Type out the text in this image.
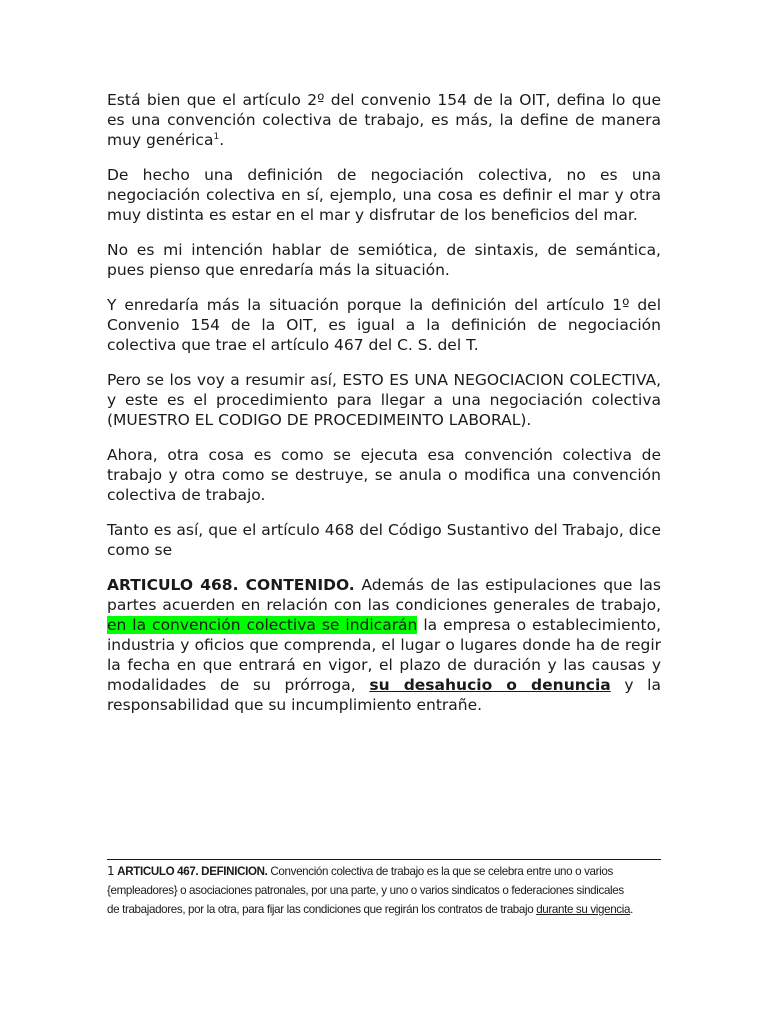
Está bien que el artículo 2º del convenio 154 de la OIT, defina lo que es una convención colectiva de trabajo, es más, la define de manera muy genérica$^1$.

De hecho una definición de negociación colectiva, no es una negociación colectiva en sí, ejemplo, una cosa es definir el mar y otra muy distinta es estar en el mar y disfrutar de los beneficios del mar.

No es mi intención hablar de semiótica, de sintaxis, de semántica, pues pienso que enredaría más la situación.

Y enredaría más la situación porque la definición del artículo 1º del Convenio 154 de la OIT, es igual a la definición de negociación colectiva que trae el artículo 467 del C. S. del T.

Pero se los voy a resumir así, ESTO ES UNA NEGOCIACION COLECTIVA, y este es el procedimiento para llegar a una negociación colectiva (MUESTRO EL CODIGO DE PROCEDIMEINTO LABORAL).

Ahora, otra cosa es como se ejecuta esa convención colectiva de trabajo y otra como se destruye, se anula o modifica una convención colectiva de trabajo.

Tanto es así, que el artículo 468 del Código Sustantivo del Trabajo, dice como se

ARTICULO 468. CONTENIDO. Además de las estipulaciones que las partes acuerden en relación con las condiciones generales de trabajo, en la convención colectiva se indicarán la empresa o establecimiento, industria y oficios que comprenda, el lugar o lugares donde ha de regir la fecha en que entrará en vigor, el plazo de duración y las causas y modalidades de su prórroga, su desahucio o denuncia y la responsabilidad que su incumplimiento entrañe.

1 ARTICULO 467. DEFINICION. Convención colectiva de trabajo es la que se celebra entre uno o varios
{empleadores} o asociaciones patronales, por una parte, y uno o varios sindicatos o federaciones sindicales
de trabajadores, por la otra, para fijar las condiciones que regirán los contratos de trabajo durante su vigencia.
